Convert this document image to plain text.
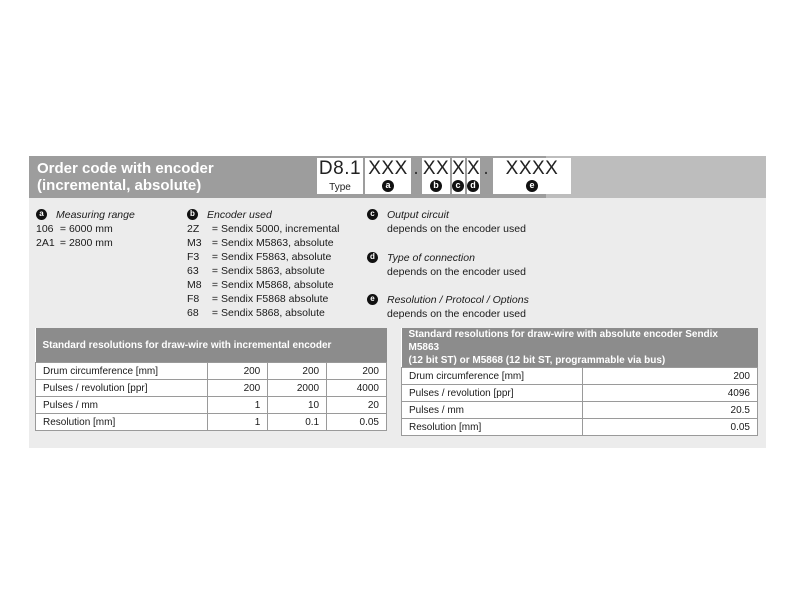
Order code with encoder
(incremental, absolute)
D8.1
Type
XXX
a
. XX
b
X
c
X
d
. XXXX
e
a Measuring range
106 = 6000 mm
2A1 = 2800 mm
b Encoder used
2Z = Sendix 5000, incremental
M3 = Sendix M5863, absolute
F3 = Sendix F5863, absolute
63 = Sendix 5863, absolute
M8 = Sendix M5868, absolute
F8 = Sendix F5868 absolute
68 = Sendix 5868, absolute
c Output circuit
depends on the encoder used
d Type of connection
depends on the encoder used
e Resolution / Protocol / Options
depends on the encoder used
Standard resolutions for draw-wire with incremental encoder			
Drum circumference [mm]	200	200	200
Pulses / revolution [ppr]	200	2000	4000
Pulses / mm	1	10	20
Resolution [mm]	1	0.1	0.05
Standard resolutions for draw-wire with absolute encoder Sendix M5863
(12 bit ST) or M5868 (12 bit ST, programmable via bus)	

Drum circumference [mm]	200
Pulses / revolution [ppr]	4096
Pulses / mm	20.5
Resolution [mm]	0.05
